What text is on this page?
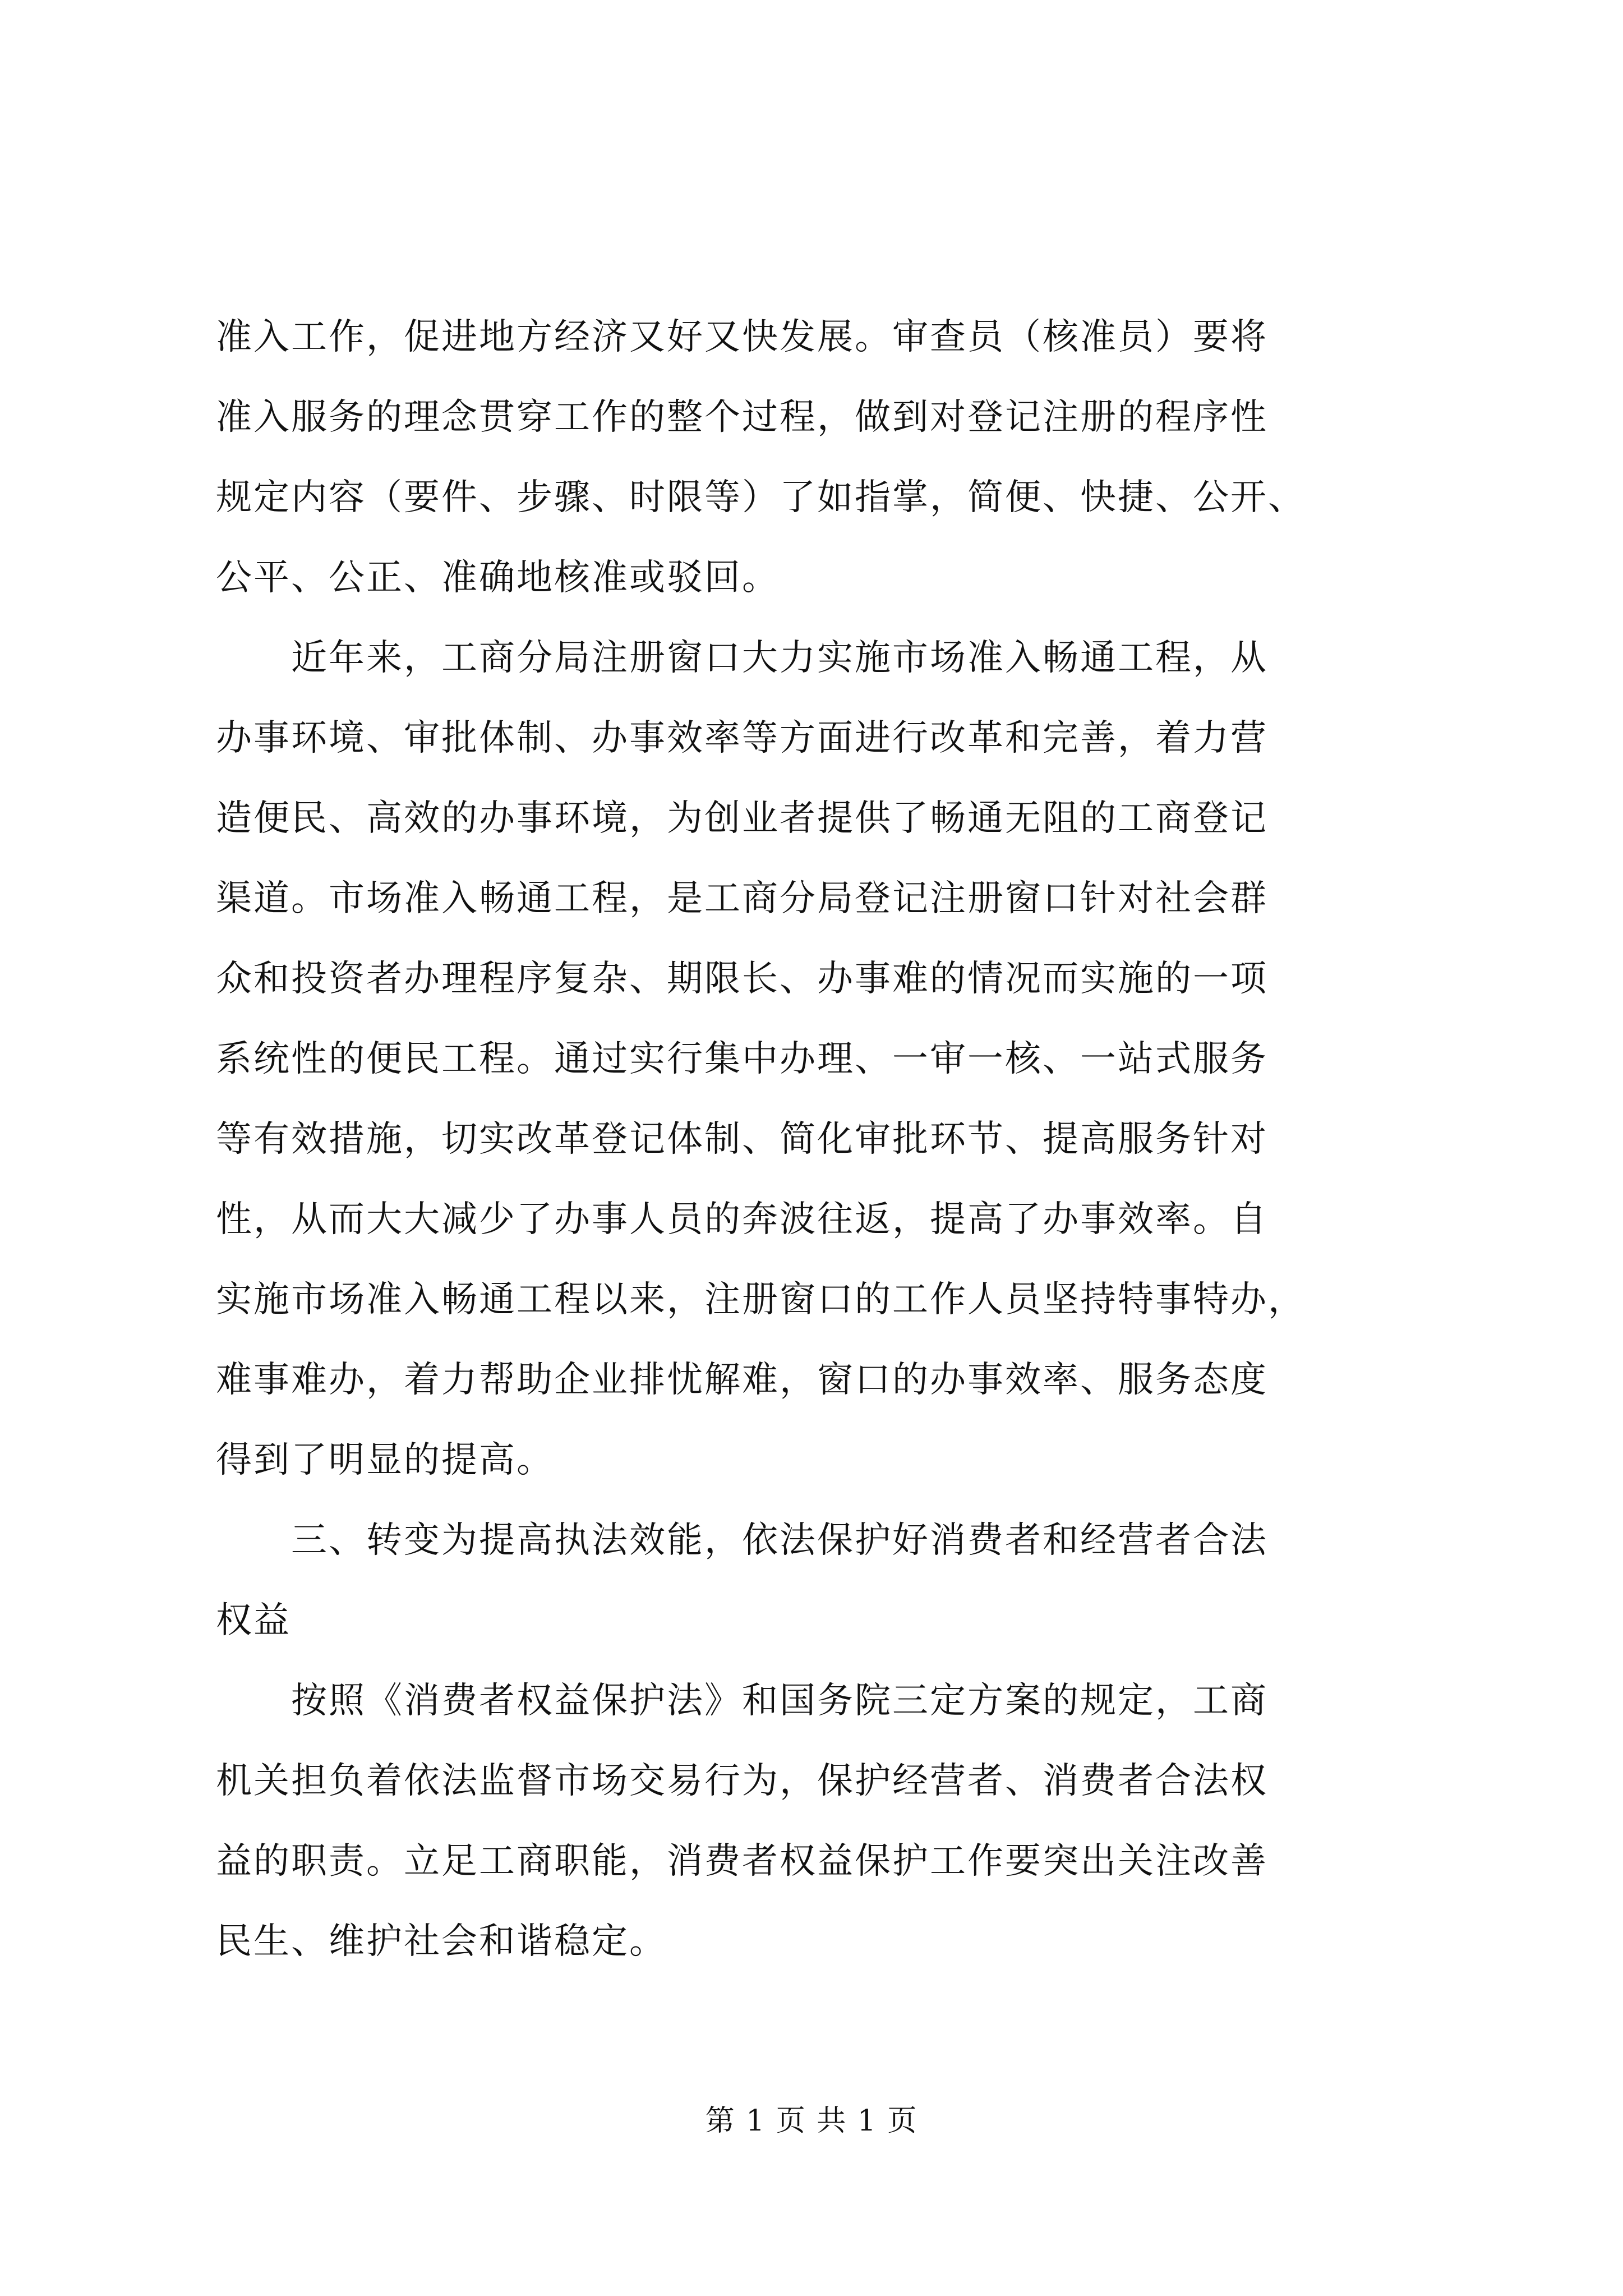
准入工作，促进地方经济又好又快发展。审查员（核准员）要将
准入服务的理念贯穿工作的整个过程，做到对登记注册的程序性
规定内容（要件、步骤、时限等）了如指掌，简便、快捷、公开、
公平、公正、准确地核准或驳回。
　　近年来，工商分局注册窗口大力实施市场准入畅通工程，从
办事环境、审批体制、办事效率等方面进行改革和完善，着力营
造便民、高效的办事环境，为创业者提供了畅通无阻的工商登记
渠道。市场准入畅通工程，是工商分局登记注册窗口针对社会群
众和投资者办理程序复杂、期限长、办事难的情况而实施的一项
系统性的便民工程。通过实行集中办理、一审一核、一站式服务
等有效措施，切实改革登记体制、简化审批环节、提高服务针对
性，从而大大减少了办事人员的奔波往返，提高了办事效率。自
实施市场准入畅通工程以来，注册窗口的工作人员坚持特事特办，
难事难办，着力帮助企业排忧解难，窗口的办事效率、服务态度
得到了明显的提高。
　　三、转变为提高执法效能，依法保护好消费者和经营者合法
权益
　　按照《消费者权益保护法》和国务院三定方案的规定，工商
机关担负着依法监督市场交易行为，保护经营者、消费者合法权
益的职责。立足工商职能，消费者权益保护工作要突出关注改善
民生、维护社会和谐稳定。
第 1 页 共 1 页
